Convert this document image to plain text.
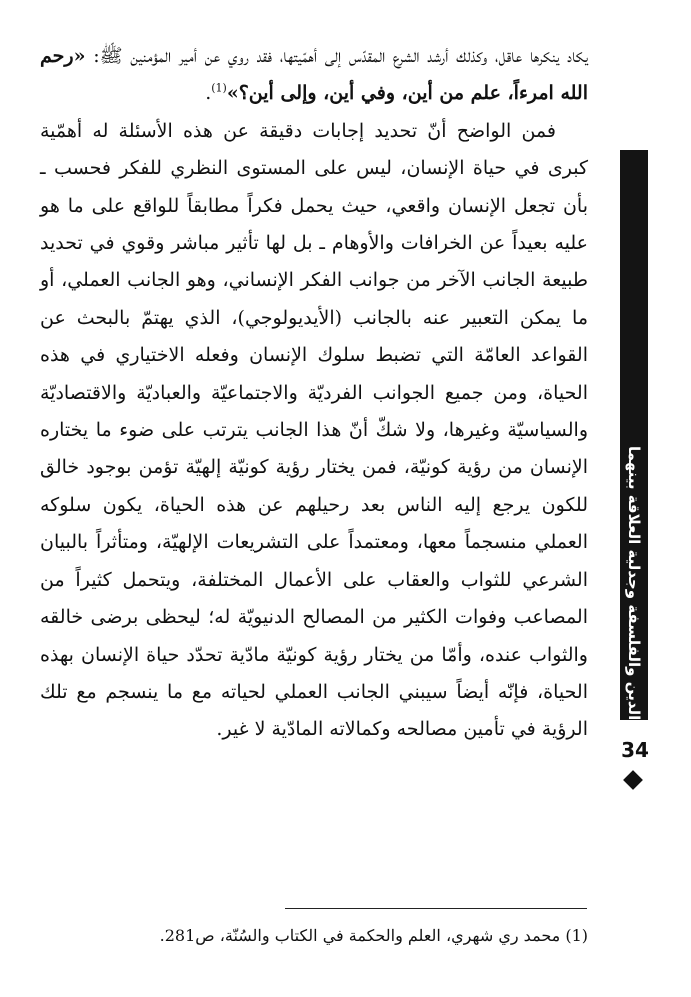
يكاد ينكرها عاقل، وكذلك أرشد الشرع المقدّس إلى أهمّيتها، فقد روي عن أمير المؤمنين ﷺ: «رحم الله امرءاً، علم من أين، وفي أين، وإلى أين؟»$^{(1)}$.

فمن الواضح أنّ تحديد إجابات دقيقة عن هذه الأسئلة له أهمّية كبرى في حياة الإنسان، ليس على المستوى النظري للفكر فحسب ـ بأن تجعل الإنسان واقعي، حيث يحمل فكراً مطابقاً للواقع على ما هو عليه بعيداً عن الخرافات والأوهام ـ بل لها تأثير مباشر وقوي في تحديد طبيعة الجانب الآخر من جوانب الفكر الإنساني، وهو الجانب العملي، أو ما يمكن التعبير عنه بالجانب (الأيديولوجي)، الذي يهتمّ بالبحث عن القواعد العامّة التي تضبط سلوك الإنسان وفعله الاختياري في هذه الحياة، ومن جميع الجوانب الفرديّة والاجتماعيّة والعباديّة والاقتصاديّة والسياسيّة وغيرها، ولا شكّ أنّ هذا الجانب يترتب على ضوء ما يختاره الإنسان من رؤية كونيّة، فمن يختار رؤية كونيّة إلهيّة تؤمن بوجود خالق للكون يرجع إليه الناس بعد رحيلهم عن هذه الحياة، يكون سلوكه العملي منسجماً معها، ومعتمداً على التشريعات الإلهيّة، ومتأثراً بالبيان الشرعي للثواب والعقاب على الأعمال المختلفة، ويتحمل كثيراً من المصاعب وفوات الكثير من المصالح الدنيويّة له؛ ليحظى برضى خالقه والثواب عنده، وأمّا من يختار رؤية كونيّة مادّية تحدّد حياة الإنسان بهذه الحياة، فإنّه أيضاً سيبني الجانب العملي لحياته مع ما ينسجم مع تلك الرؤية في تأمين مصالحه وكمالاته المادّية لا غير.

الدين والفلسفة وجدلية العلاقة بينهما
34

(1) محمد ري شهري، العلم والحكمة في الكتاب والسُنّة، ص281.
